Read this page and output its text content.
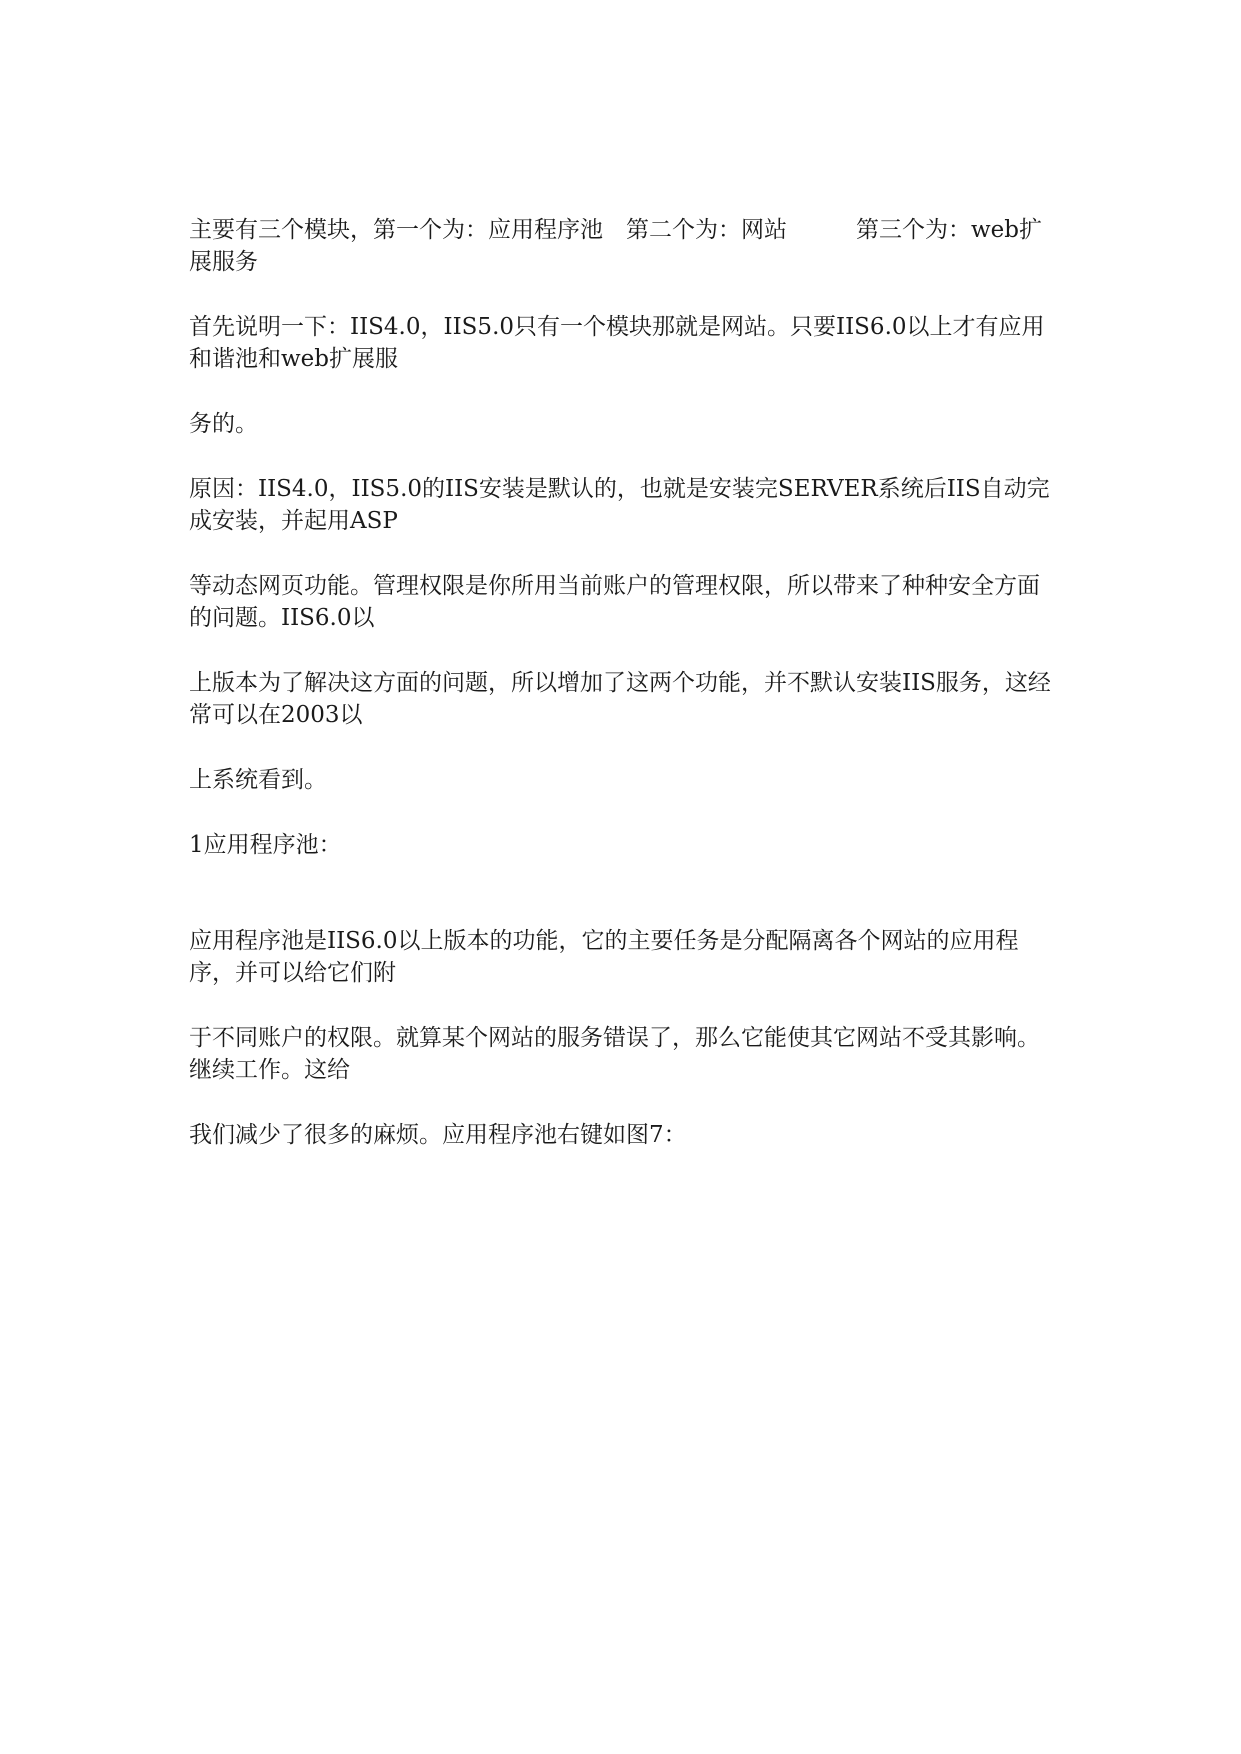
主要有三个模块，第一个为：应用程序池　第二个为：网站　　　第三个为：web扩展服务

首先说明一下：IIS4.0，IIS5.0只有一个模块那就是网站。只要IIS6.0以上才有应用和谐池和web扩展服

务的。

原因：IIS4.0，IIS5.0的IIS安装是默认的，也就是安装完SERVER系统后IIS自动完成安装，并起用ASP

等动态网页功能。管理权限是你所用当前账户的管理权限，所以带来了种种安全方面的问题。IIS6.0以

上版本为了解决这方面的问题，所以增加了这两个功能，并不默认安装IIS服务，这经常可以在2003以

上系统看到。

1应用程序池：

应用程序池是IIS6.0以上版本的功能，它的主要任务是分配隔离各个网站的应用程序，并可以给它们附

于不同账户的权限。就算某个网站的服务错误了，那么它能使其它网站不受其影响。继续工作。这给

我们减少了很多的麻烦。应用程序池右键如图7：
